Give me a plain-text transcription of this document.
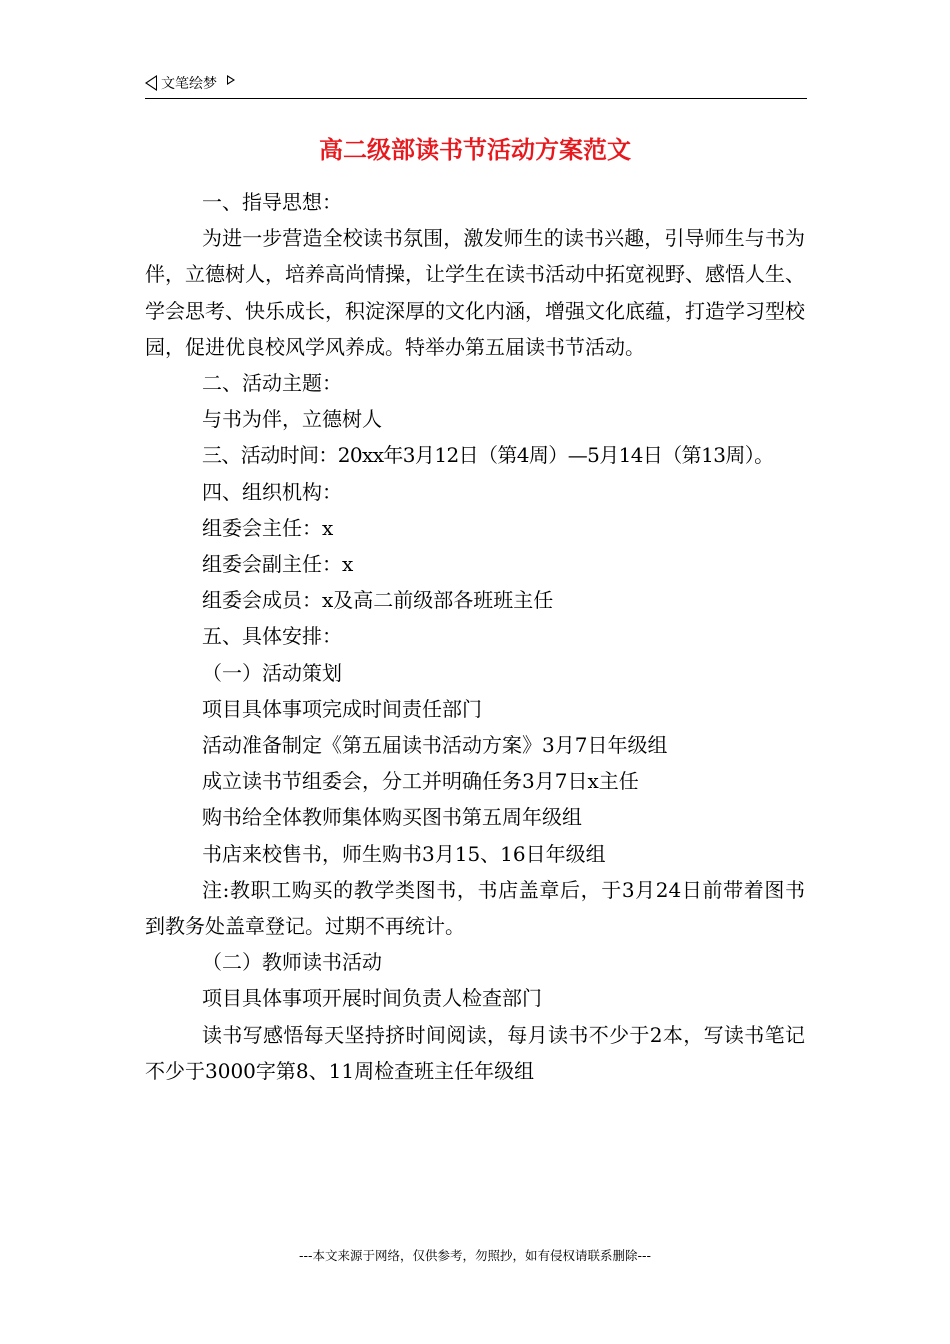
文笔绘梦
高二级部读书节活动方案范文

一、指导思想：

为进一步营造全校读书氛围，激发师生的读书兴趣，引导师生与书为伴，立德树人，培养高尚情操，让学生在读书活动中拓宽视野、感悟人生、学会思考、快乐成长，积淀深厚的文化内涵，增强文化底蕴，打造学习型校园，促进优良校风学风养成。特举办第五届读书节活动。

二、活动主题：

与书为伴，立德树人

三、活动时间：20xx年3月12日（第4周）—5月14日（第13周）。

四、组织机构：

组委会主任：x

组委会副主任：x

组委会成员：x及高二前级部各班班主任

五、具体安排：

（一）活动策划

项目具体事项完成时间责任部门

活动准备制定《第五届读书活动方案》3月7日年级组

成立读书节组委会，分工并明确任务3月7日x主任

购书给全体教师集体购买图书第五周年级组

书店来校售书，师生购书3月15、16日年级组

注:教职工购买的教学类图书，书店盖章后，于3月24日前带着图书到教务处盖章登记。过期不再统计。

（二）教师读书活动

项目具体事项开展时间负责人检查部门

读书写感悟每天坚持挤时间阅读，每月读书不少于2本，写读书笔记不少于3000字第8、11周检查班主任年级组

---本文来源于网络，仅供参考，勿照抄，如有侵权请联系删除---
